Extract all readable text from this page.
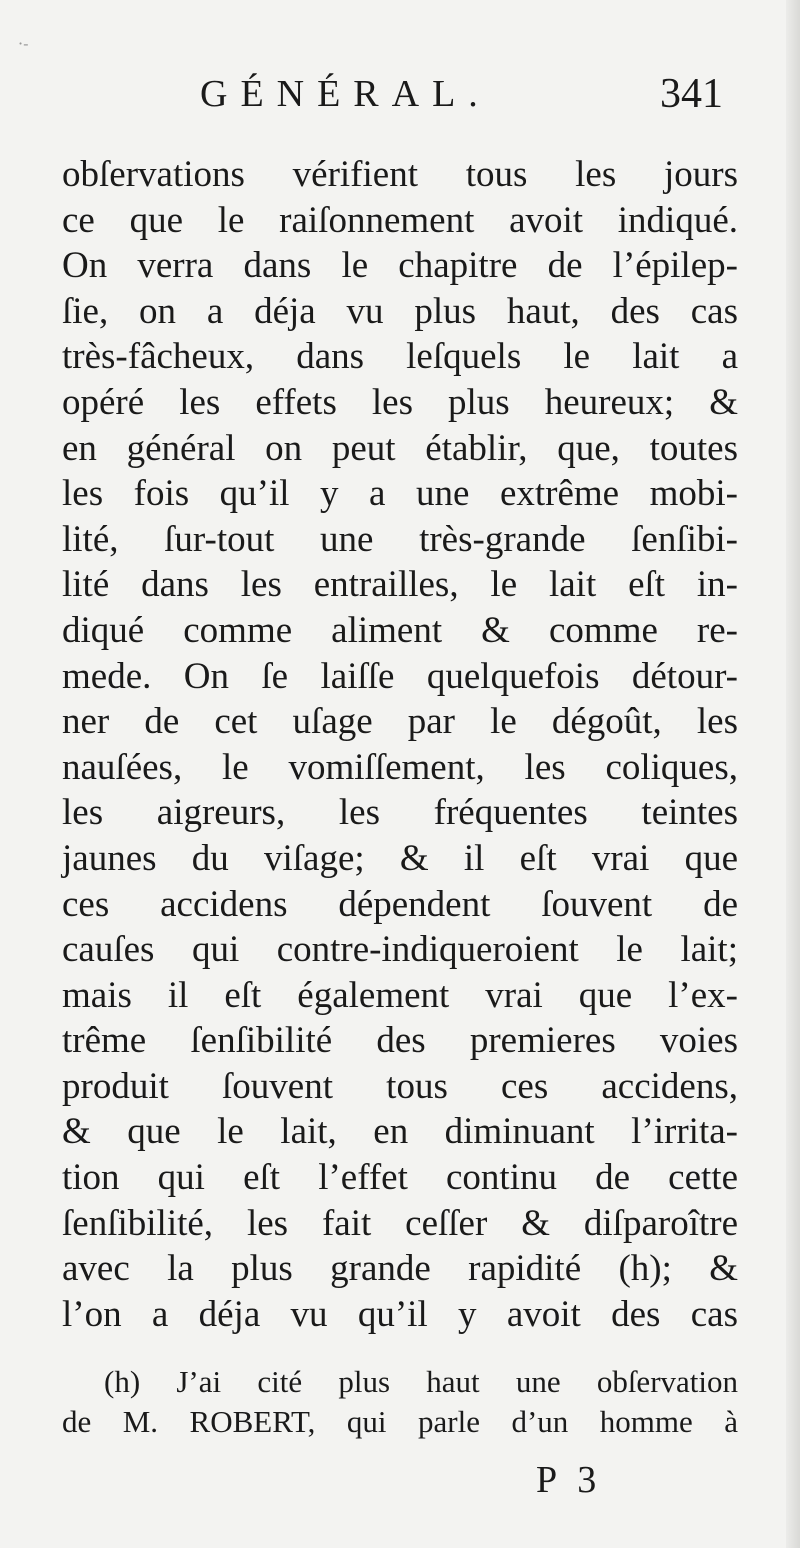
·-
GÉNÉRAL.	341
obſervations vérifient tous les jours
ce que le raiſonnement avoit indiqué.
On verra dans le chapitre de l’épilep-
ſie, on a déja vu plus haut, des cas
très-fâcheux, dans leſquels le lait a
opéré les effets les plus heureux; &
en général on peut établir, que, toutes
les fois qu’il y a une extrême mobi-
lité, ſur-tout une très-grande ſenſibi-
lité dans les entrailles, le lait eſt in-
diqué comme aliment & comme re-
mede. On ſe laiſſe quelquefois détour-
ner de cet uſage par le dégoût, les
nauſées, le vomiſſement, les coliques,
les aigreurs, les fréquentes teintes
jaunes du viſage; & il eſt vrai que
ces accidens dépendent ſouvent de
cauſes qui contre-indiqueroient le lait;
mais il eſt également vrai que l’ex-
trême ſenſibilité des premieres voies
produit ſouvent tous ces accidens,
& que le lait, en diminuant l’irrita-
tion qui eſt l’effet continu de cette
ſenſibilité, les fait ceſſer & diſparoître
avec la plus grande rapidité (h); &
l’on a déja vu qu’il y avoit des cas
(h) J’ai cité plus haut une obſervation
de M. ROBERT, qui parle d’un homme à
P 3
